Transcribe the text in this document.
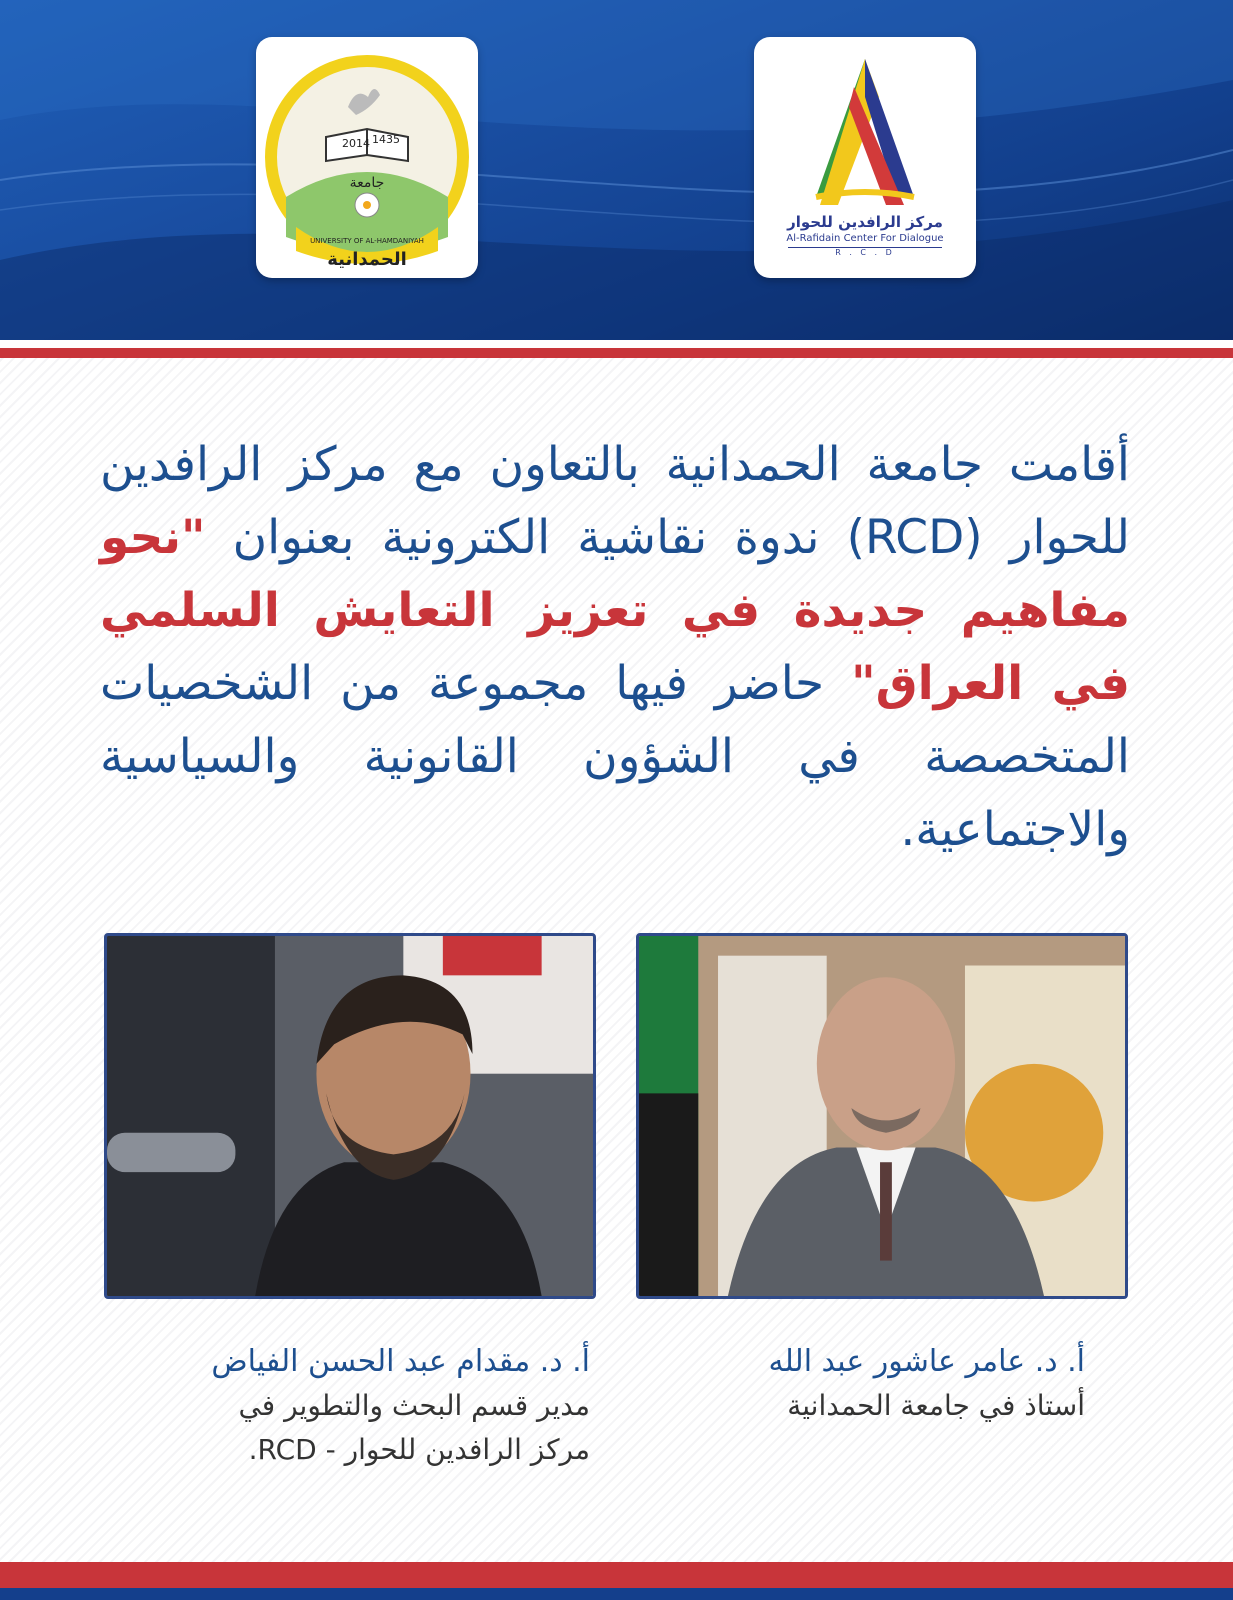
2014 1435
جامعة
الحمدانية
UNIVERSITY OF AL-HAMDANIYAH
مركز الرافدين للحوار
Al-Rafidain Center For Dialogue
R . C . D
أقامت جامعة الحمدانية بالتعاون مع مركز الرافدين للحوار (RCD) ندوة نقاشية الكترونية بعنوان "نحو مفاهيم جديدة في تعزيز التعايش السلمي في العراق" حاضر فيها مجموعة من الشخصيات المتخصصة في الشؤون القانونية والسياسية والاجتماعية.
أ. د. عامر عاشور عبد الله
أستاذ في جامعة الحمدانية
أ. د. مقدام عبد الحسن الفياض
مدير قسم البحث والتطوير في
مركز الرافدين للحوار - RCD.
